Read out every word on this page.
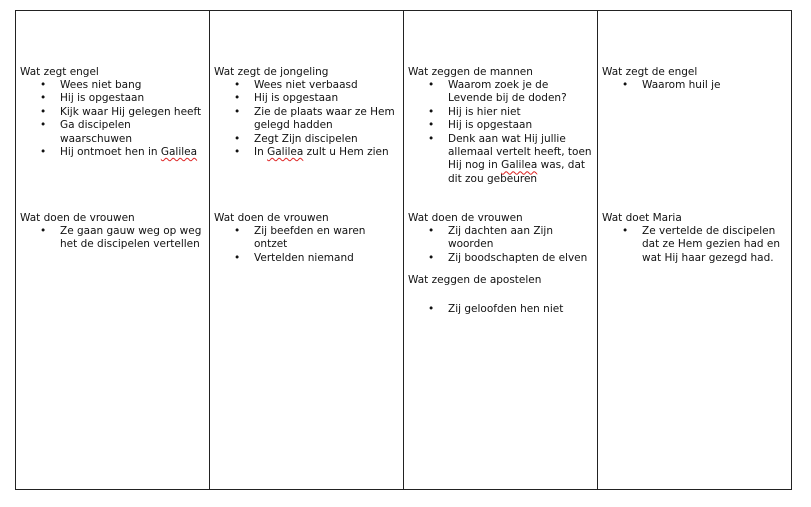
Wat zegt engel

• Wees niet bang
• Hij is opgestaan
• Kijk waar Hij gelegen heeft
• Ga discipelen waarschuwen
• Hij ontmoet hen in Galilea

Wat doen de vrouwen

• Ze gaan gauw weg op weg het de discipelen vertellen

Wat zegt de jongeling

• Wees niet verbaasd
• Hij is opgestaan
• Zie de plaats waar ze Hem gelegd hadden
• Zegt Zijn discipelen
• In Galilea zult u Hem zien

Wat doen de vrouwen

• Zij beefden en waren ontzet
• Vertelden niemand

Wat zeggen de mannen

• Waarom zoek je de Levende bij de doden?
• Hij is hier niet
• Hij is opgestaan
• Denk aan wat Hij jullie allemaal vertelt heeft, toen Hij nog in Galilea was, dat dit zou gebeuren

Wat doen de vrouwen

• Zij dachten aan Zijn woorden
• Zij boodschapten de elven

Wat zeggen de apostelen

• Zij geloofden hen niet

Wat zegt de engel

• Waarom huil je

Wat doet Maria

• Ze vertelde de discipelen dat ze Hem gezien had en wat Hij haar gezegd had.
